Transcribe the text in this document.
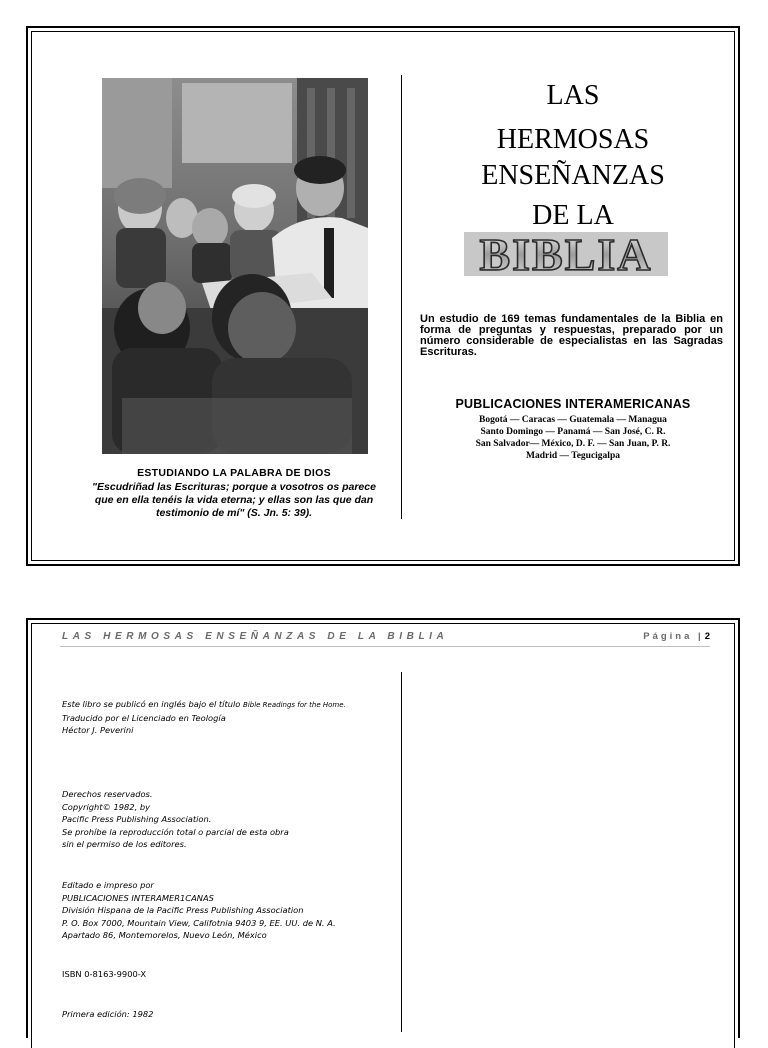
ESTUDIANDO LA PALABRA DE DIOS
"Escudriñad las Escrituras; porque a vosotros os parece que en ella tenéis la vida eterna; y ellas son las que dan testimonio de mí" (S. Jn. 5: 39).
LAS
HERMOSAS
ENSEÑANZAS
DE LA
BIBLIA
Un estudio de 169 temas fundamentales de la Biblia en forma de preguntas y respuestas, preparado por un número considerable de especialistas en las Sagradas Escrituras.
PUBLICACIONES INTERAMERICANAS
Bogotá — Caracas — Guatemala — Managua
Santo Domingo — Panamá — San José, C. R.
San Salvador— México, D. F. — San Juan, P. R.
Madrid — Tegucigalpa
LAS HERMOSAS ENSEÑANZAS DE LA BIBLIA	Página |2
Este libro se publicó en inglés bajo el título Bible Readings for the Home.
Traducido por el Licenciado en Teología
Héctor J. Peverini
Derechos reservados.
Copyright© 1982, by
Pacific Press Publishing Association.
Se prohíbe la reproducción total o parcial de esta obra
sin el permiso de los editores.
Editado e impreso por
PUBLICACIONES INTERAMER1CANAS
División Hispana de la Pacific Press Publishing Association
P. O. Box 7000, Mountain View, Califotnia 9403 9, EE. UU. de N. A.
Apartado 86, Montemorelos, Nuevo León, México
ISBN 0-8163-9900-X
Primera edición: 1982
